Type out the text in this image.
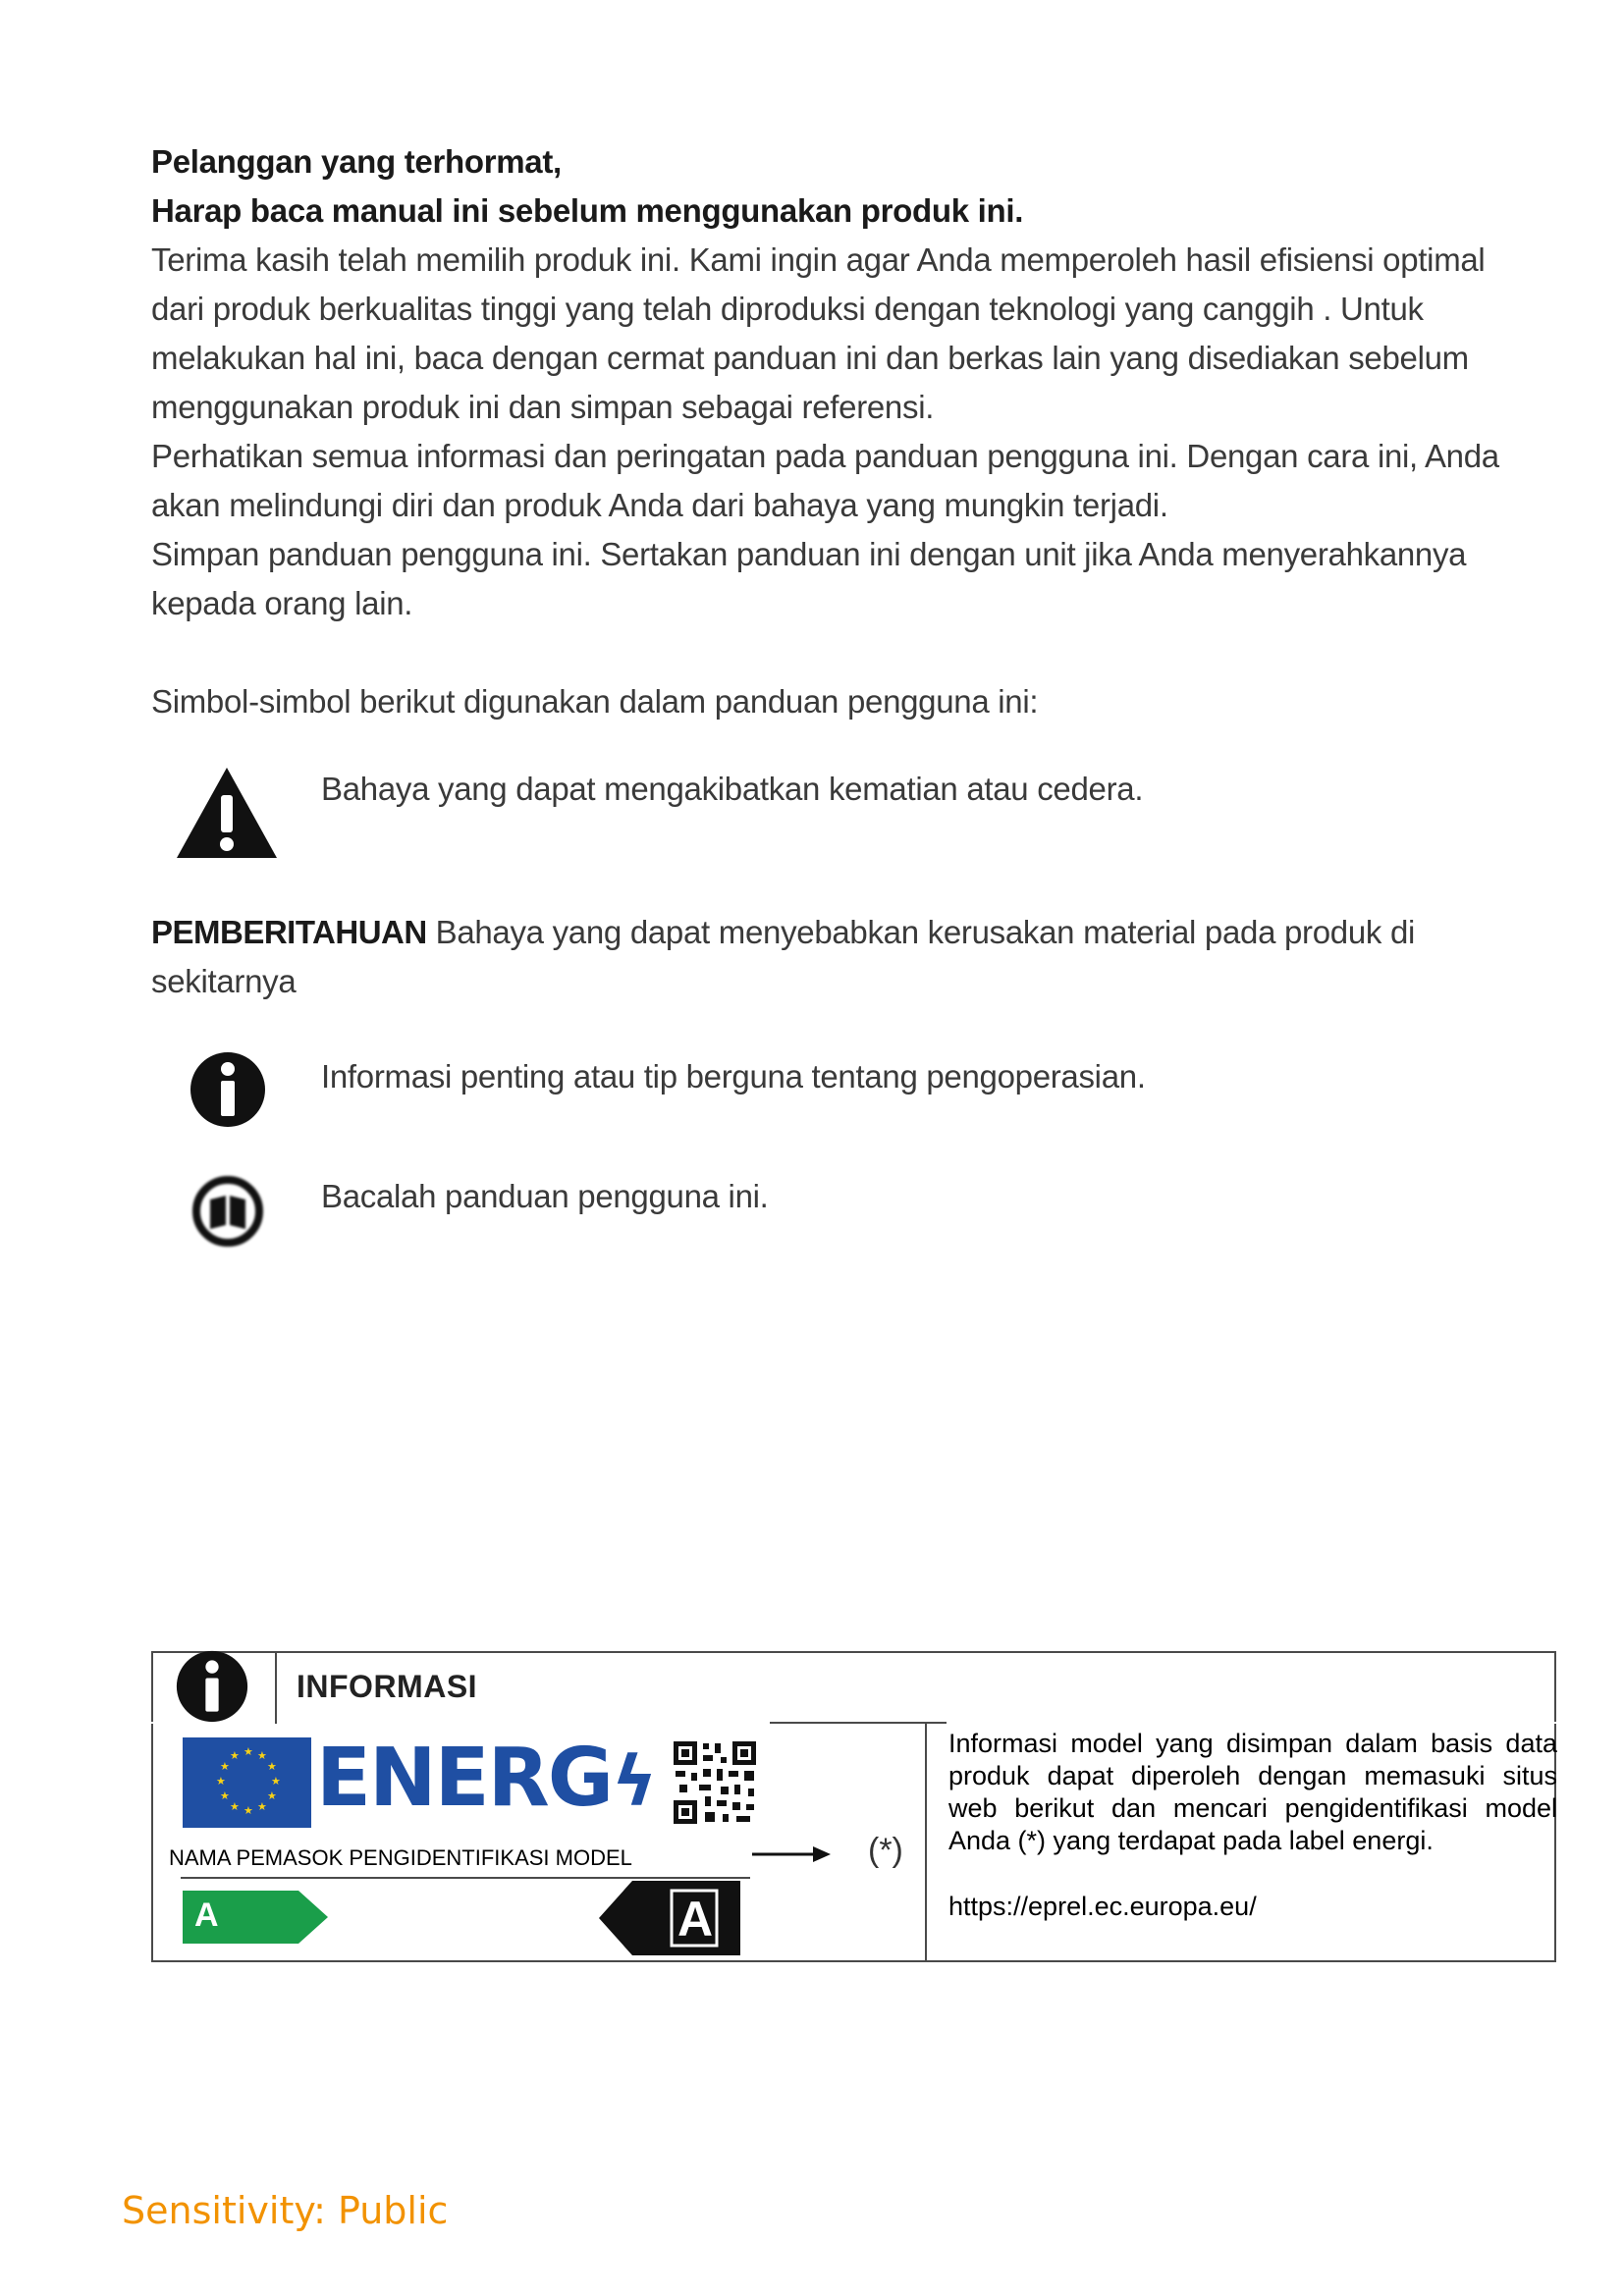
Pelanggan yang terhormat,

Harap baca manual ini sebelum menggunakan produk ini.

Terima kasih telah memilih produk ini. Kami ingin agar Anda memperoleh hasil efisiensi optimal

dari produk berkualitas tinggi yang telah diproduksi dengan teknologi yang canggih . Untuk

melakukan hal ini, baca dengan cermat panduan ini dan berkas lain yang disediakan sebelum

menggunakan produk ini dan simpan sebagai referensi.

Perhatikan semua informasi dan peringatan pada panduan pengguna ini. Dengan cara ini, Anda

akan melindungi diri dan produk Anda dari bahaya yang mungkin terjadi.

Simpan panduan pengguna ini. Sertakan panduan ini dengan unit jika Anda menyerahkannya

kepada orang lain.

Simbol-simbol berikut digunakan dalam panduan pengguna ini:

Bahaya yang dapat mengakibatkan kematian atau cedera.

PEMBERITAHUAN Bahaya yang dapat menyebabkan kerusakan material pada produk di

sekitarnya

Informasi penting atau tip berguna tentang pengoperasian.
Bacalah panduan pengguna ini.
INFORMASI
★ ★
★
★
★
★
★
★
★
★
★
★ ENERGϟ
NAMA PEMASOK PENGIDENTIFIKASI MODEL	(*)
A	A
Informasi model yang disimpan dalam basis data produk dapat diperoleh dengan memasuki situs web berikut dan mencari pengidentifikasi model Anda (*) yang terdapat pada label energi.
https://eprel.ec.europa.eu/
Sensitivity: Public
